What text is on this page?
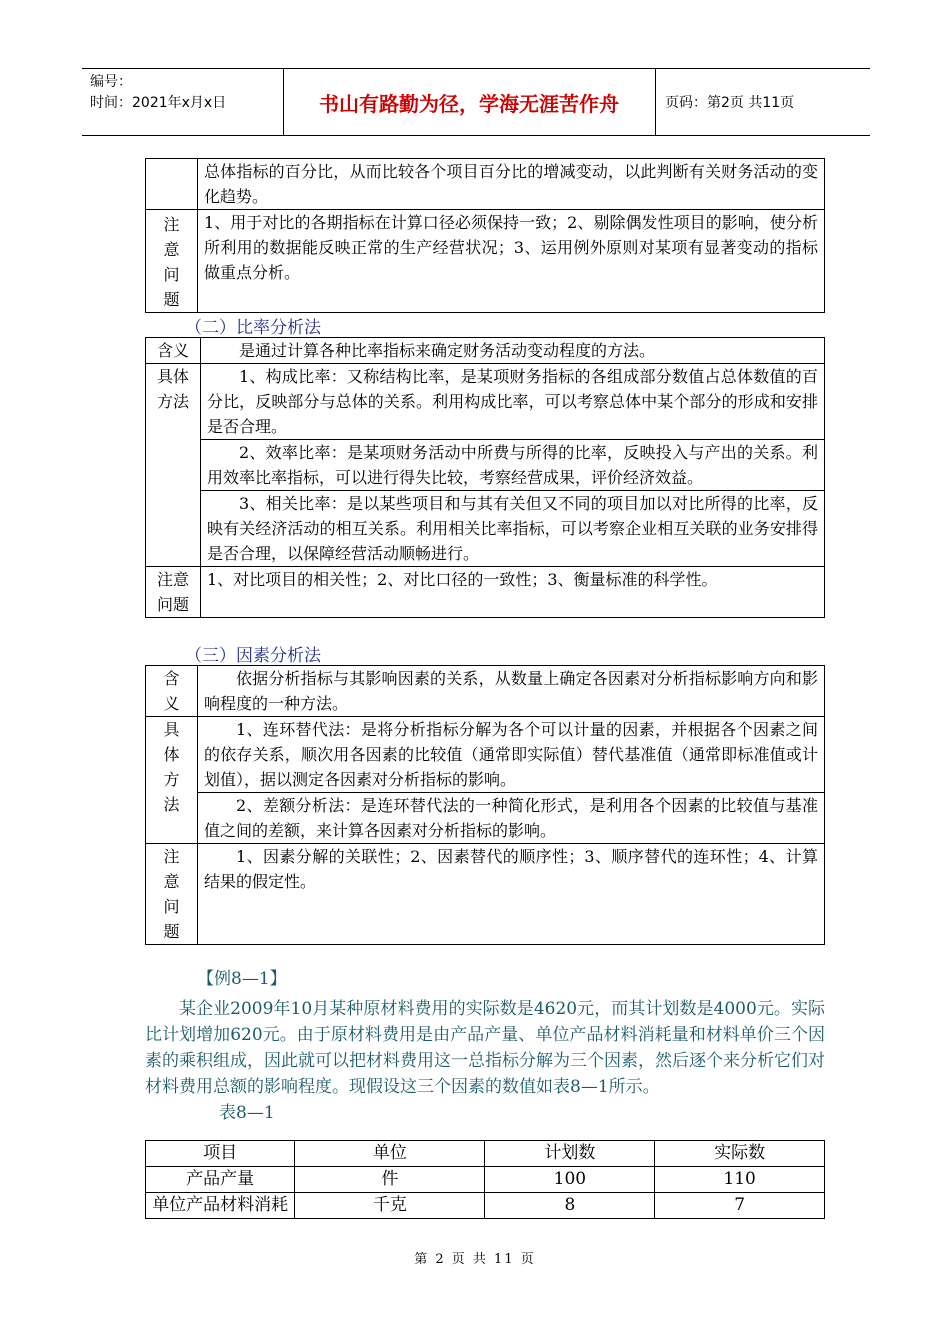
编号：
时间：2021年x月x日	书山有路勤为径，学海无涯苦作舟	页码：第2页 共11页
	总体指标的百分比，从而比较各个项目百分比的增减变动，以此判断有关财务活动的变化趋势。

注意问题	1、用于对比的各期指标在计算口径必须保持一致；2、剔除偶发性项目的影响，使分析所利用的数据能反映正常的生产经营状况；3、运用例外原则对某项有显著变动的指标做重点分析。
（二）比率分析法
含义	是通过计算各种比率指标来确定财务活动变动程度的方法。

具体方法	1、构成比率：又称结构比率，是某项财务指标的各组成部分数值占总体数值的百分比，反映部分与总体的关系。利用构成比率，可以考察总体中某个部分的形成和安排是否合理。
	2、效率比率：是某项财务活动中所费与所得的比率，反映投入与产出的关系。利用效率比率指标，可以进行得失比较，考察经营成果，评价经济效益。
	3、相关比率：是以某些项目和与其有关但又不同的项目加以对比所得的比率，反映有关经济活动的相互关系。利用相关比率指标，可以考察企业相互关联的业务安排得是否合理，以保障经营活动顺畅进行。

注意问题	1、对比项目的相关性；2、对比口径的一致性；3、衡量标准的科学性。
（三）因素分析法
含义	依据分析指标与其影响因素的关系，从数量上确定各因素对分析指标影响方向和影响程度的一种方法。

具体方法	1、连环替代法：是将分析指标分解为各个可以计量的因素，并根据各个因素之间的依存关系，顺次用各因素的比较值（通常即实际值）替代基准值（通常即标准值或计划值），据以测定各因素对分析指标的影响。
	2、差额分析法：是连环替代法的一种简化形式，是利用各个因素的比较值与基准值之间的差额，来计算各因素对分析指标的影响。

注意问题	1、因素分解的关联性；2、因素替代的顺序性；3、顺序替代的连环性；4、计算结果的假定性。
【例8—1】
某企业2009年10月某种原材料费用的实际数是4620元，而其计划数是4000元。实际比计划增加620元。由于原材料费用是由产品产量、单位产品材料消耗量和材料单价三个因素的乘积组成，因此就可以把材料费用这一总指标分解为三个因素，然后逐个来分析它们对材料费用总额的影响程度。现假设这三个因素的数值如表8—1所示。
表8—1
项目	单位	计划数	实际数
产品产量	件	100	110
单位产品材料消耗	千克	8	7
第 2 页 共 11 页
